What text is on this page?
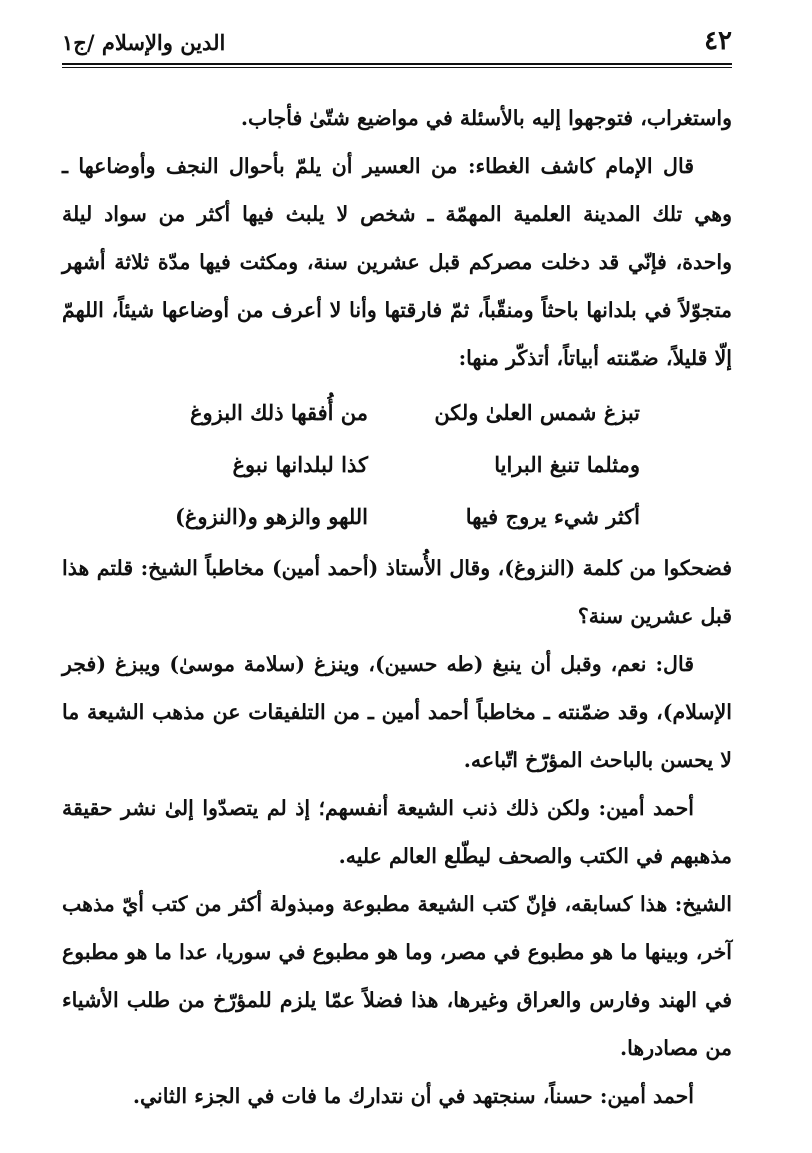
٤٢
الدين والإسلام /ج١

واستغراب، فتوجهوا إليه بالأسئلة في مواضيع شتّىٰ فأجاب.

قال الإمام كاشف الغطاء: من العسير أن يلمّ بأحوال النجف وأوضاعها ـ وهي تلك المدينة العلمية المهمّة ـ شخص لا يلبث فيها أكثر من سواد ليلة واحدة، فإنّي قد دخلت مصركم قبل عشرين سنة، ومكثت فيها مدّة ثلاثة أشهر متجوّلاً في بلدانها باحثاً ومنقّباً، ثمّ فارقتها وأنا لا أعرف من أوضاعها شيئاً، اللهمّ إلّا قليلاً، ضمّنته أبياتاً، أتذكّر منها:

تبزغ شمس العلىٰ ولكن
من أُفقها ذلك البزوغ
ومثلما تنبغ البرايا
كذا لبلدانها نبوغ
أكثر شيء يروج فيها
اللهو والزهو و(النزوغ)

فضحكوا من كلمة (النزوغ)، وقال الأُستاذ (أحمد أمين) مخاطباً الشيخ: قلتم هذا قبل عشرين سنة؟

قال: نعم، وقبل أن ينبغ (طه حسين)، وينزغ (سلامة موسىٰ) ويبزغ (فجر الإسلام)، وقد ضمّنته ـ مخاطباً أحمد أمين ـ من التلفيقات عن مذهب الشيعة ما لا يحسن بالباحث المؤرّخ اتّباعه.

أحمد أمين: ولكن ذلك ذنب الشيعة أنفسهم؛ إذ لم يتصدّوا إلىٰ نشر حقيقة مذهبهم في الكتب والصحف ليطّلع العالم عليه.

الشيخ: هذا كسابقه، فإنّ كتب الشيعة مطبوعة ومبذولة أكثر من كتب أيّ مذهب آخر، وبينها ما هو مطبوع في مصر، وما هو مطبوع في سوريا، عدا ما هو مطبوع في الهند وفارس والعراق وغيرها، هذا فضلاً عمّا يلزم للمؤرّخ من طلب الأشياء من مصادرها.

أحمد أمين: حسناً، سنجتهد في أن نتدارك ما فات في الجزء الثاني.
